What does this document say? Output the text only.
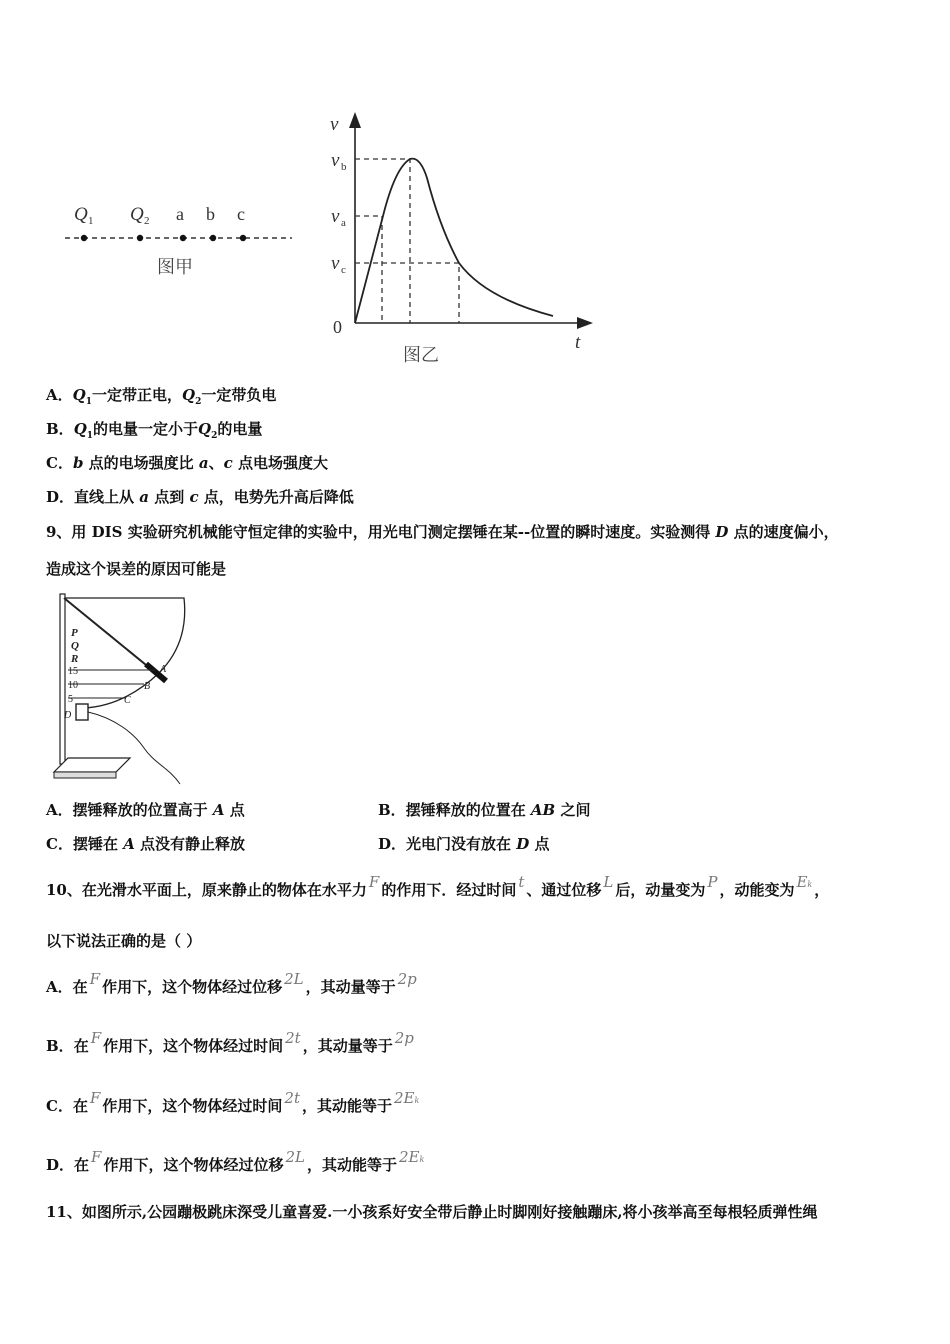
Q 1 Q 2 a b c
图甲
v
t
0
v b
v a
v c
图乙
A．$Q_1$一定带正电，$Q_2$一定带负电
B．$Q_1$的电量一定小于$Q_2$的电量
C．b 点的电场强度比 a、c 点电场强度大
D．直线上从 a 点到 c 点，电势先升高后降低
9、用 DIS 实验研究机械能守恒定律的实验中，用光电门测定摆锤在某--位置的瞬时速度。实验测得 D 点的速度偏小，
造成这个误差的原因可能是
P
Q
R
15
10
5
A
B
C
D
A．摆锤释放的位置高于 A 点	B．摆锤释放的位置在 AB 之间
C．摆锤在 A 点没有静止释放	D．光电门没有放在 D 点
10、在光滑水平面上，原来静止的物体在水平力 F 的作用下．经过时间 t 、通过位移 L 后，动量变为 P ，动能变为 Ek ，
以下说法正确的是（ ）
A．在 F 作用下，这个物体经过位移 2L ，其动量等于 2p
B．在 F 作用下，这个物体经过时间 2t ，其动量等于 2p
C．在 F 作用下，这个物体经过时间 2t ，其动能等于 2Ek
D．在 F 作用下，这个物体经过位移 2L ，其动能等于 2Ek
11、如图所示,公园蹦极跳床深受儿童喜爱.一小孩系好安全带后静止时脚刚好接触蹦床,将小孩举高至每根轻质弹性绳
